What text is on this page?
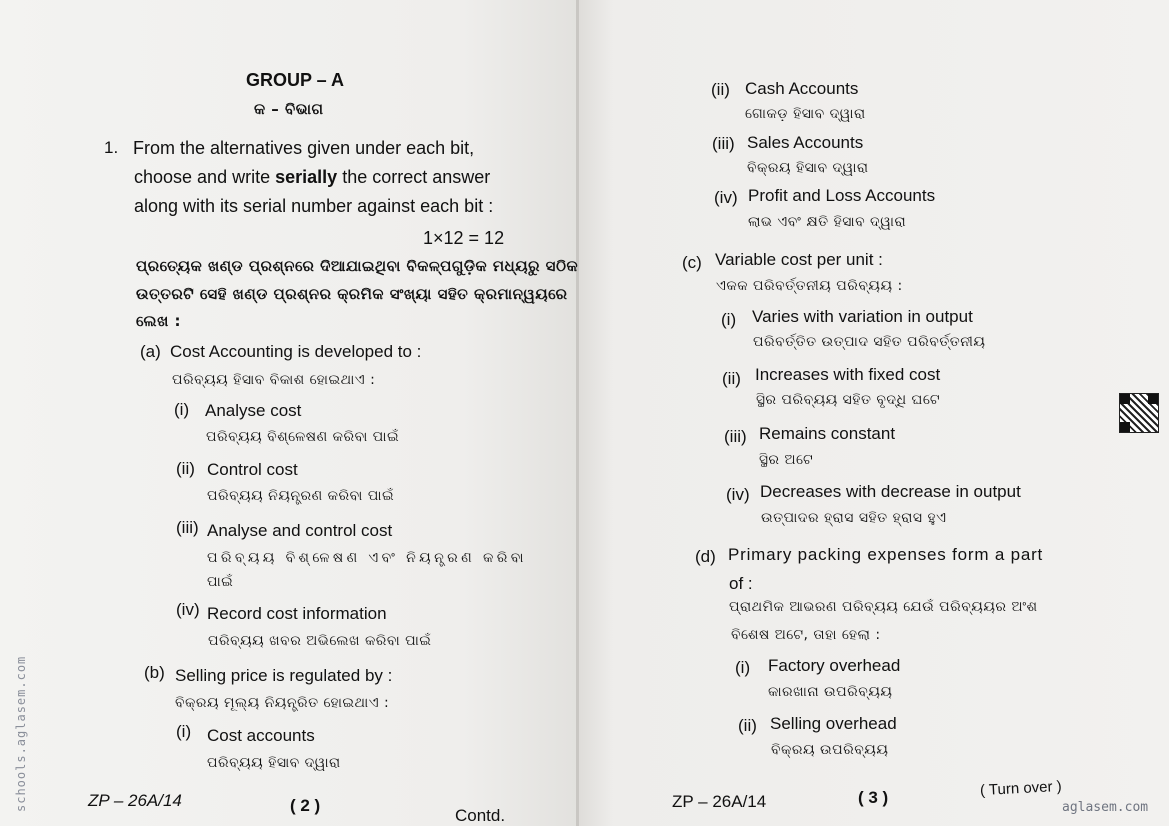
GROUP – A
କ – ବିଭାଗ
1. From the alternatives given under each bit,
choose and write serially the correct answer
along with its serial number against each bit :
1×12 = 12
ପ୍ରତ୍ୟେକ ଖଣ୍ଡ ପ୍ରଶ୍ନରେ ଦିଆଯାଇଥିବା ବିକଳ୍ପଗୁଡ଼ିକ ମଧ୍ୟରୁ ସଠିକ
ଉତ୍ତରଟି ସେହି ଖଣ୍ଡ ପ୍ରଶ୍ନର କ୍ରମିକ ସଂଖ୍ୟା ସହିତ କ୍ରମାନ୍ୱୟରେ
ଲେଖ :
(a) Cost Accounting is developed to :
ପରିବ୍ୟୟ ହିସାବ ବିକାଶ ହୋଇଥାଏ :
(i) Analyse cost
ପରିବ୍ୟୟ ବିଶ୍ଳେଷଣ କରିବା ପାଇଁ
(ii) Control cost
ପରିବ୍ୟୟ ନିୟନ୍ତ୍ରଣ କରିବା ପାଇଁ
(iii) Analyse and control cost
ପରିବ୍ୟୟ ବିଶ୍ଳେଷଣ ଏବଂ ନିୟନ୍ତ୍ରଣ କରିବା
ପାଇଁ
(iv) Record cost information
ପରିବ୍ୟୟ ଖବର ଅଭିଲେଖ କରିବା ପାଇଁ
(b) Selling price is regulated by :
ବିକ୍ରୟ ମୂଲ୍ୟ ନିୟନ୍ତ୍ରିତ ହୋଇଥାଏ :
(i) Cost accounts
ପରିବ୍ୟୟ ହିସାବ ଦ୍ୱାରା
ZP – 26A/14	( 2 )
Contd.
(ii) Cash Accounts
ଗୋକଡ଼ ହିସାବ ଦ୍ୱାରା
(iii) Sales Accounts
ବିକ୍ରୟ ହିସାବ ଦ୍ୱାରା
(iv) Profit and Loss Accounts
ଲାଭ ଏବଂ କ୍ଷତି ହିସାବ ଦ୍ୱାରା
(c) Variable cost per unit :
ଏକକ ପରିବର୍ତ୍ତନୀୟ ପରିବ୍ୟୟ :
(i) Varies with variation in output
ପରିବର୍ତ୍ତିତ ଉତ୍ପାଦ ସହିତ ପରିବର୍ତ୍ତନୀୟ
(ii) Increases with fixed cost
ସ୍ଥିର ପରିବ୍ୟୟ ସହିତ ବୃଦ୍ଧି ଘଟେ
(iii) Remains constant
ସ୍ଥିର ଅଟେ
(iv) Decreases with decrease in output
ଉତ୍ପାଦର ହ୍ରାସ ସହିତ ହ୍ରାସ ହୁଏ
(d) Primary packing expenses form a part
of :
ପ୍ରାଥମିକ ଆଭରଣ ପରିବ୍ୟୟ ଯେଉଁ ପରିବ୍ୟୟର ଅଂଶ
ବିଶେଷ ଅଟେ, ତାହା ହେଲା :
(i) Factory overhead
କାରଖାନା ଉପରିବ୍ୟୟ
(ii) Selling overhead
ବିକ୍ରୟ ଉପରିବ୍ୟୟ
ZP – 26A/14	( 3 )	( Turn over )
schools.aglasem.com	aglasem.com
